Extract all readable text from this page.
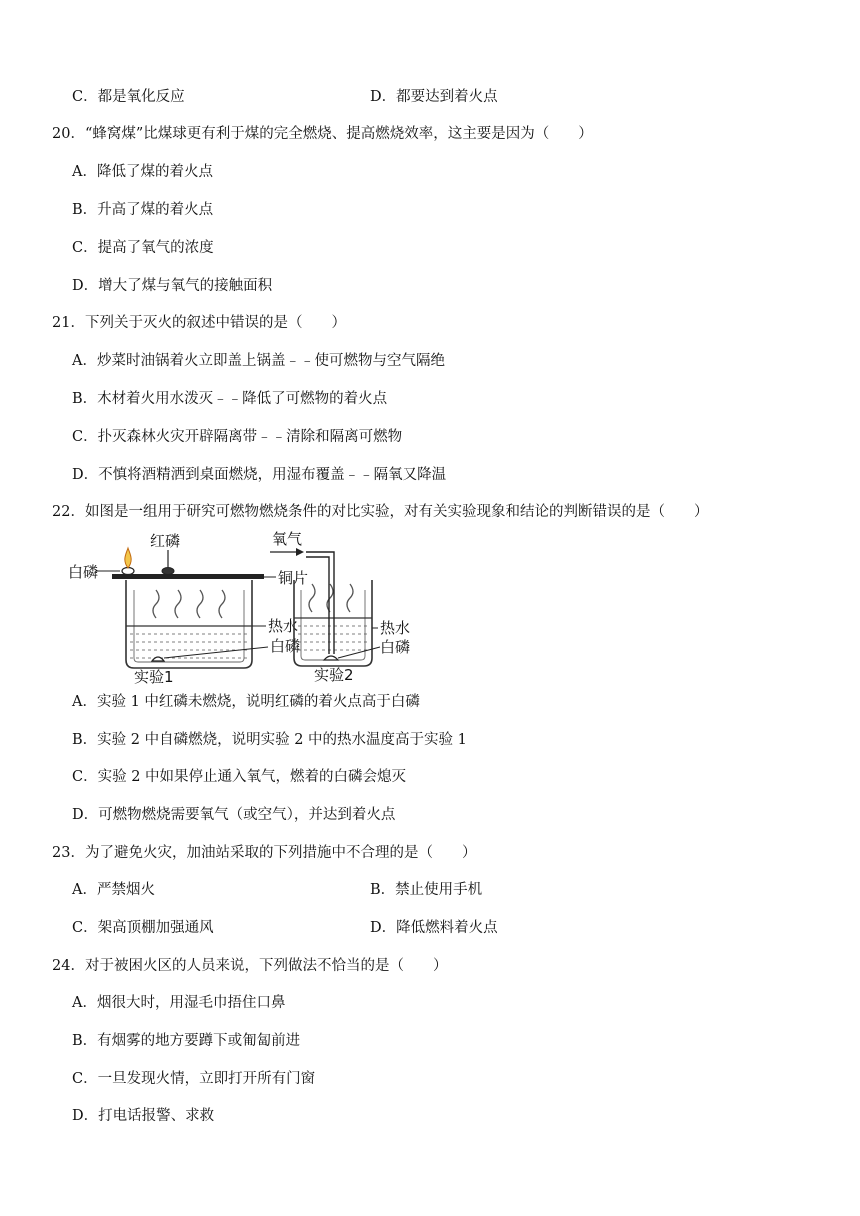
C．都是氧化反应	D．都要达到着火点
20．“蜂窝煤”比煤球更有利于煤的完全燃烧、提高燃烧效率，这主要是因为（　　）
A．降低了煤的着火点
B．升高了煤的着火点
C．提高了氧气的浓度
D．增大了煤与氧气的接触面积
21．下列关于灭火的叙述中错误的是（　　）
A．炒菜时油锅着火立即盖上锅盖﹣﹣使可燃物与空气隔绝
B．木材着火用水泼灭﹣﹣降低了可燃物的着火点
C．扑灭森林火灾开辟隔离带﹣﹣清除和隔离可燃物
D．不慎将酒精洒到桌面燃烧，用湿布覆盖﹣﹣隔氧又降温
22．如图是一组用于研究可燃物燃烧条件的对比实验，对有关实验现象和结论的判断错误的是（　　）
红磷
白磷	铜片
热水
白磷
实验1
氧气
热水
白磷
实验2
A．实验 1 中红磷未燃烧，说明红磷的着火点高于白磷
B．实验 2 中自磷燃烧，说明实验 2 中的热水温度高于实验 1
C．实验 2 中如果停止通入氧气，燃着的白磷会熄灭
D．可燃物燃烧需要氧气（或空气），并达到着火点
23．为了避免火灾，加油站采取的下列措施中不合理的是（　　）
A．严禁烟火	B．禁止使用手机
C．架高顶棚加强通风	D．降低燃料着火点
24．对于被困火区的人员来说，下列做法不恰当的是（　　）
A．烟很大时，用湿毛巾捂住口鼻
B．有烟雾的地方要蹲下或匍匐前进
C．一旦发现火情，立即打开所有门窗
D．打电话报警、求救
